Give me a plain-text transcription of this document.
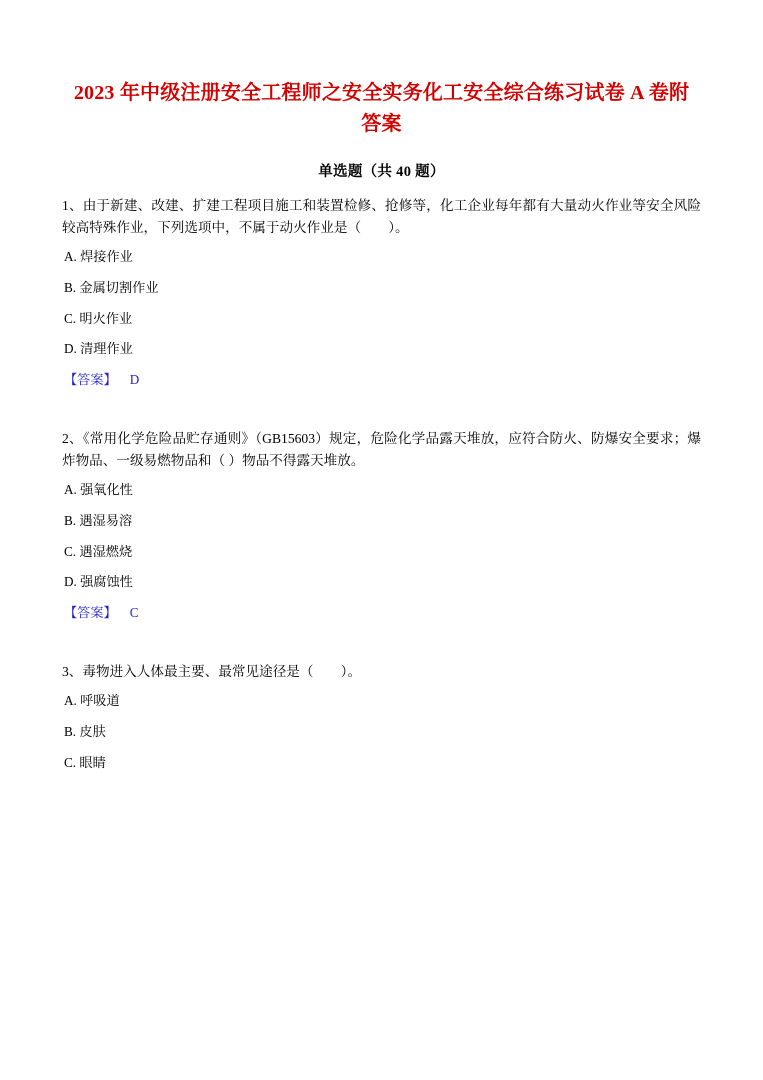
2023 年中级注册安全工程师之安全实务化工安全综合练习试卷 A 卷附答案
单选题（共 40 题）

1、由于新建、改建、扩建工程项目施工和装置检修、抢修等，化工企业每年都有大量动火作业等安全风险较高特殊作业，下列选项中，不属于动火作业是（　　）。

A. 焊接作业

B. 金属切割作业

C. 明火作业

D. 清理作业

【答案】 D

2、《常用化学危险品贮存通则》（GB15603）规定，危险化学品露天堆放，应符合防火、防爆安全要求；爆炸物品、一级易燃物品和（ ）物品不得露天堆放。

A. 强氧化性

B. 遇湿易溶

C. 遇湿燃烧

D. 强腐蚀性

【答案】 C

3、毒物进入人体最主要、最常见途径是（　　）。

A. 呼吸道

B. 皮肤

C. 眼睛
